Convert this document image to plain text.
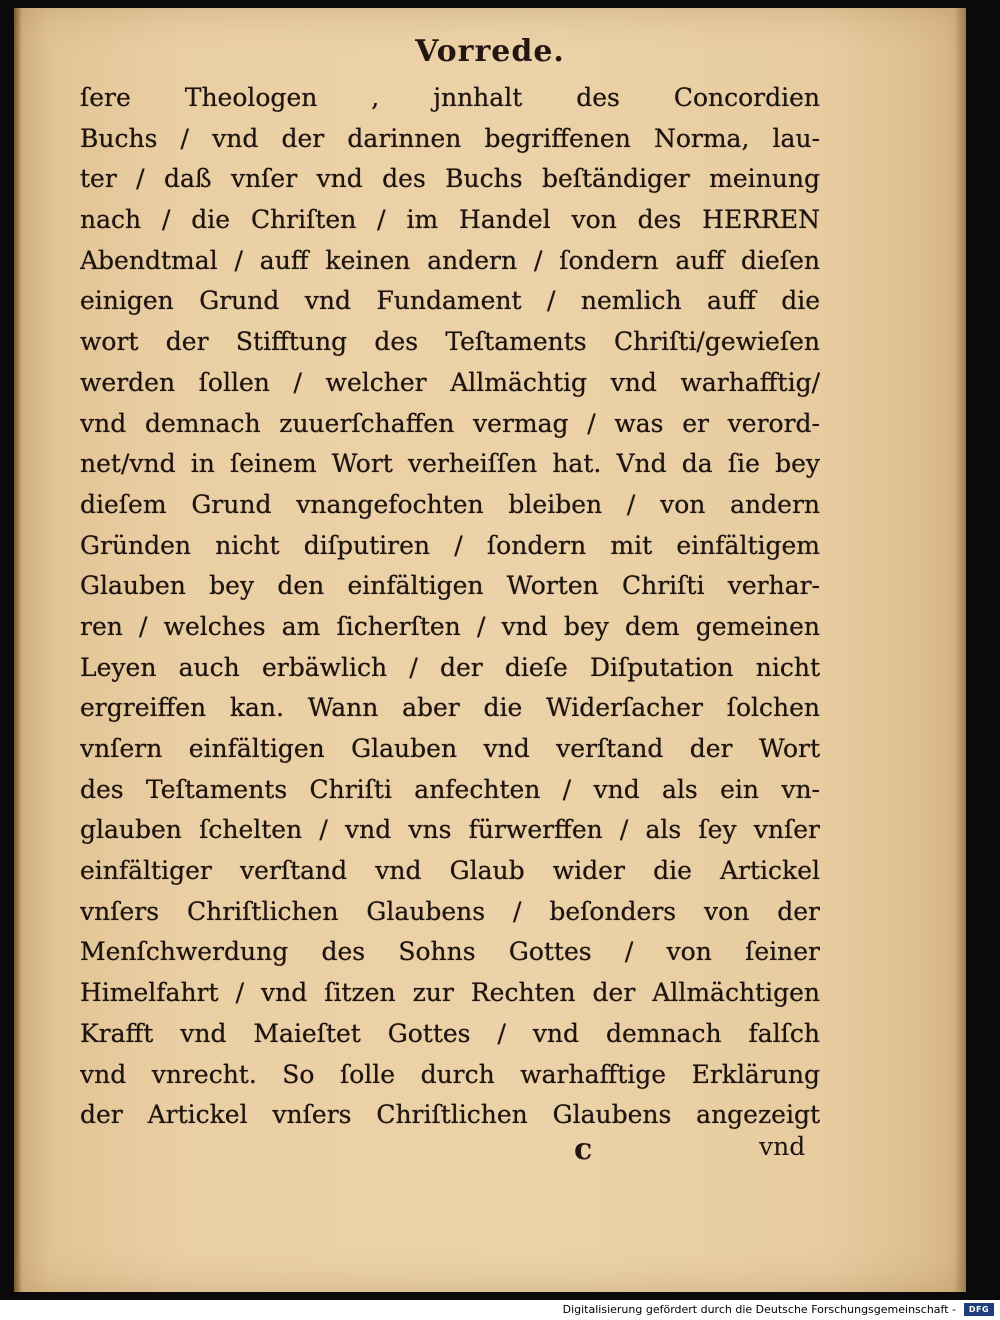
Vorrede.
ſere Theologen , jnnhalt des Concordien
Buchs / vnd der darinnen begriffenen Norma, lau-
ter / daß vnſer vnd des Buchs beſtändiger meinung
nach / die Chriſten / im Handel von des HERREN
Abendtmal / auff keinen andern / ſondern auff dieſen
einigen Grund vnd Fundament / nemlich auff die
wort der Stifftung des Teſtaments Chriſti/gewieſen
werden ſollen / welcher Allmächtig vnd warhafftig/
vnd demnach zuuerſchaffen vermag / was er verord-
net/vnd in ſeinem Wort verheiſſen hat. Vnd da ſie bey
dieſem Grund vnangefochten bleiben / von andern
Gründen nicht diſputiren / ſondern mit einfältigem
Glauben bey den einfältigen Worten Chriſti verhar-
ren / welches am ſicherſten / vnd bey dem gemeinen
Leyen auch erbäwlich / der dieſe Diſputation nicht
ergreiffen kan. Wann aber die Widerſacher ſolchen
vnſern einfältigen Glauben vnd verſtand der Wort
des Teſtaments Chriſti anfechten / vnd als ein vn-
glauben ſchelten / vnd vns fürwerffen / als ſey vnſer
einfältiger verſtand vnd Glaub wider die Artickel
vnſers Chriſtlichen Glaubens / beſonders von der
Menſchwerdung des Sohns Gottes / von ſeiner
Himelfahrt / vnd ſitzen zur Rechten der Allmächtigen
Krafft vnd Maieſtet Gottes / vnd demnach falſch
vnd vnrecht. So ſolle durch warhafftige Erklärung
der Artickel vnſers Chriſtlichen Glaubens angezeigt
c	vnd
Digitalisierung gefördert durch die Deutsche Forschungsgemeinschaft -	DFG
